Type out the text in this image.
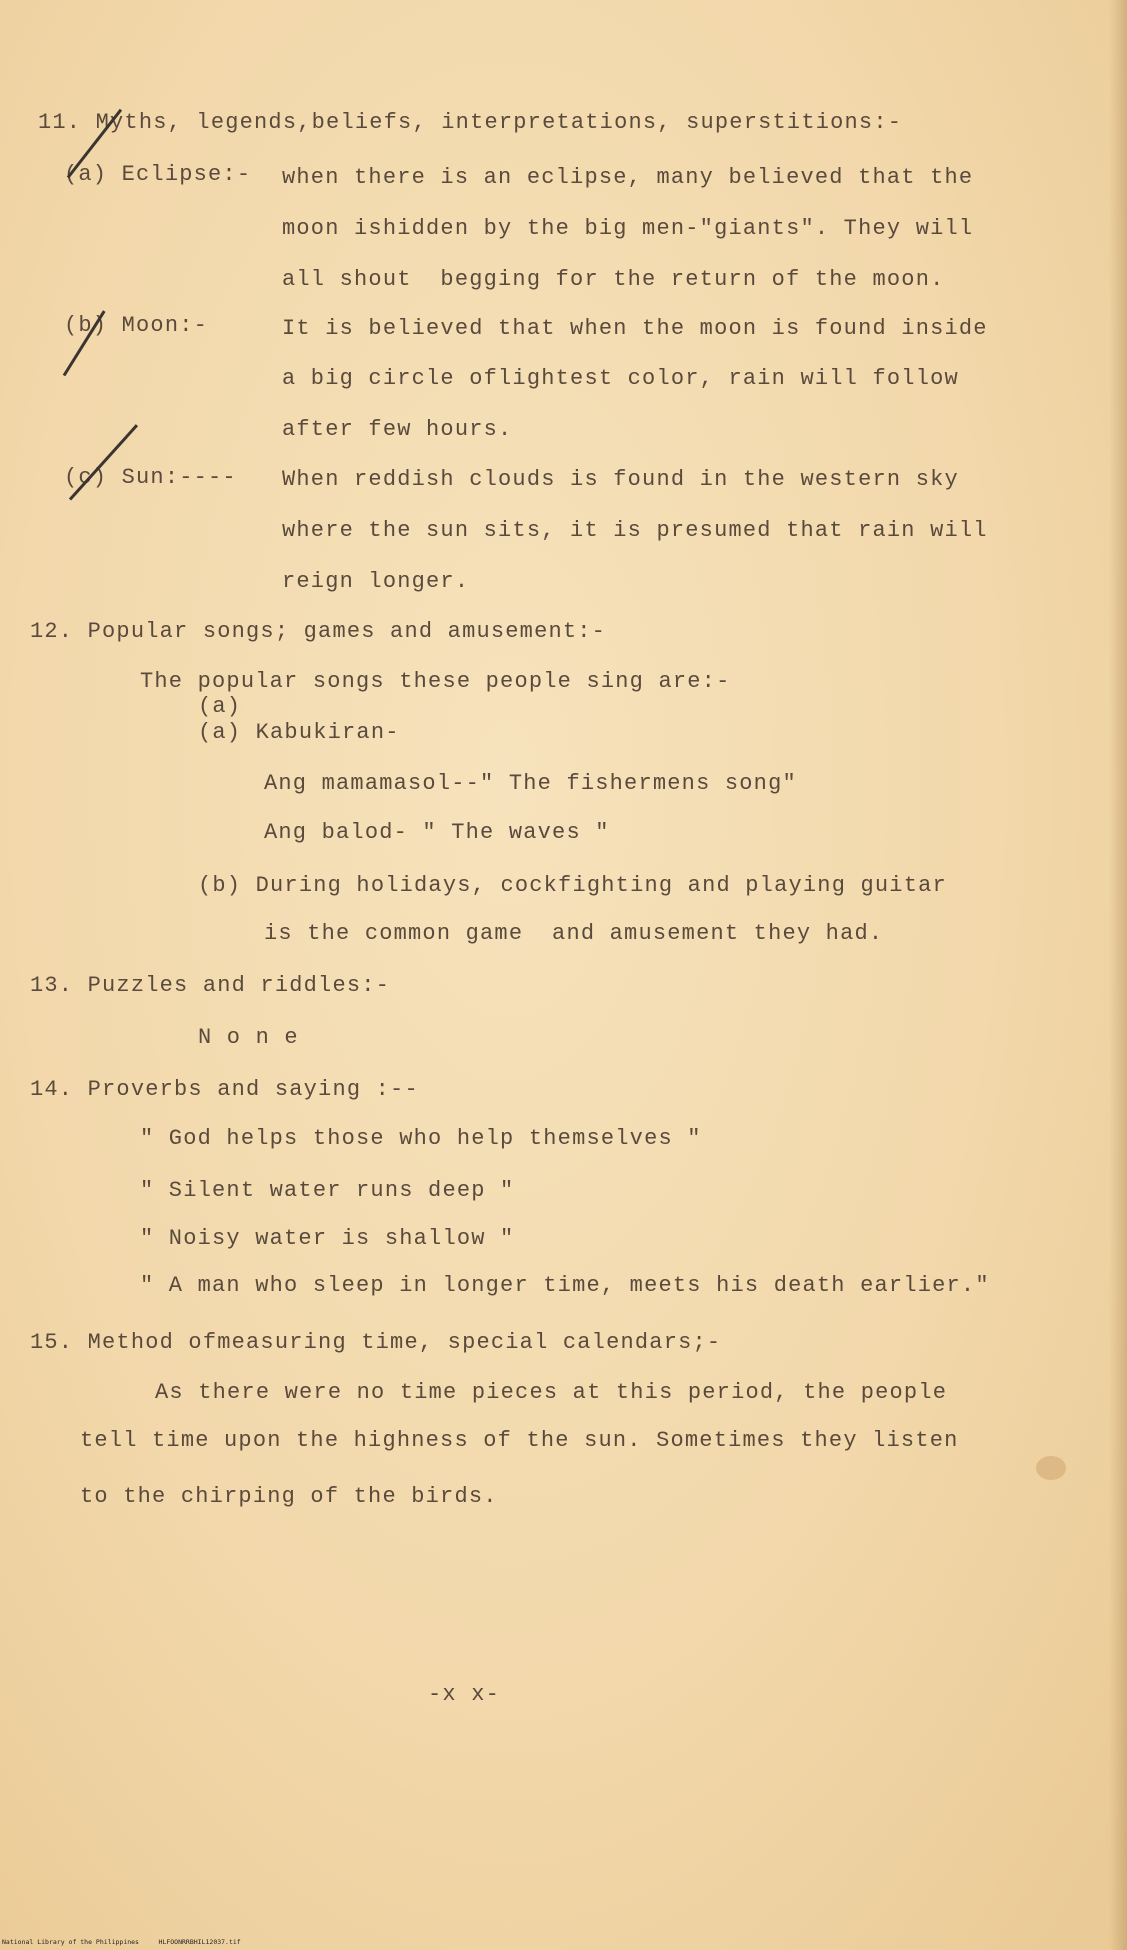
11. Myths, legends,beliefs, interpretations, superstitions:-
(a) Eclipse:- when there is an eclipse, many believed that the
moon ishidden by the big men-"giants". They will
all shout  begging for the return of the moon.
(b) Moon:-	It is believed that when the moon is found inside
a big circle oflightest color, rain will follow
after few hours.
(c) Sun:---- When reddish clouds is found in the western sky
where the sun sits, it is presumed that rain will
reign longer.
12. Popular songs; games and amusement:-
The popular songs these people sing are:-
(a)
(a) Kabukiran-
Ang mamamasol--" The fishermens song"
Ang balod- " The waves "
(b) During holidays, cockfighting and playing guitar
is the common game  and amusement they had.
13. Puzzles and riddles:-
N o n e
14. Proverbs and saying :--
" God helps those who help themselves "
" Silent water runs deep "
" Noisy water is shallow "
" A man who sleep in longer time, meets his death earlier."
15. Method ofmeasuring time, special calendars;-
As there were no time pieces at this period, the people
tell time upon the highness of the sun. Sometimes they listen
to the chirping of the birds.
-x x-
National Library of the Philippines     HLFOONRRBHIL12037.tif
